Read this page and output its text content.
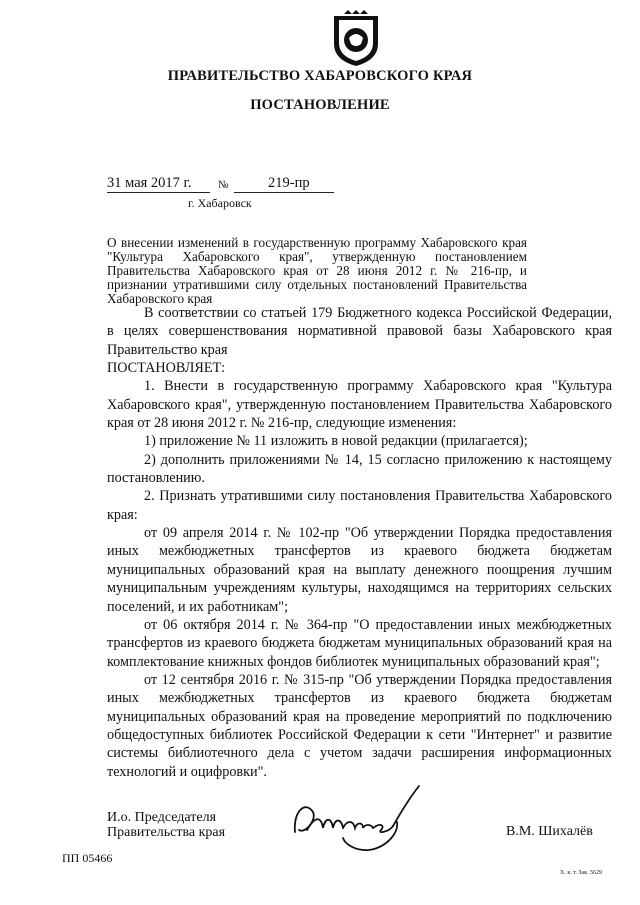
ПРАВИТЕЛЬСТВО ХАБАРОВСКОГО КРАЯ
ПОСТАНОВЛЕНИЕ
31 мая 2017 г. №	219-пр
г. Хабаровск
О внесении изменений в государственную программу Хабаровского края "Культура Хабаровского края", утвержденную постановлением Правительства Хабаровского края от 28 июня 2012 г. № 216-пр, и признании утратившими силу отдельных постановлений Правительства Хабаровского края

В соответствии со статьей 179 Бюджетного кодекса Российской Федерации, в целях совершенствования нормативной правовой базы Хабаровского края Правительство края

ПОСТАНОВЛЯЕТ:

1. Внести в государственную программу Хабаровского края "Культура Хабаровского края", утвержденную постановлением Правительства Хабаровского края от 28 июня 2012 г. № 216-пр, следующие изменения:

1) приложение № 11 изложить в новой редакции (прилагается);

2) дополнить приложениями № 14, 15 согласно приложению к настоящему постановлению.

2. Признать утратившими силу постановления Правительства Хабаровского края:

от 09 апреля 2014 г. № 102-пр "Об утверждении Порядка предоставления иных межбюджетных трансфертов из краевого бюджета бюджетам муниципальных образований края на выплату денежного поощрения лучшим муниципальным учреждениям культуры, находящимся на территориях сельских поселений, и их работникам";

от 06 октября 2014 г. № 364-пр "О предоставлении иных межбюджетных трансфертов из краевого бюджета бюджетам муниципальных образований края на комплектование книжных фондов библиотек муниципальных образований края";

от 12 сентября 2016 г. № 315-пр "Об утверждении Порядка предоставления иных межбюджетных трансфертов из краевого бюджета бюджетам муниципальных образований края на проведение мероприятий по подключению общедоступных библиотек Российской Федерации к сети "Интернет" и развитие системы библиотечного дела с учетом задачи расширения информационных технологий и оцифровки".

И.о. Председателя
Правительства края	В.М. Шихалёв
ПП 05466
Х. к. т. Зак. 5629
